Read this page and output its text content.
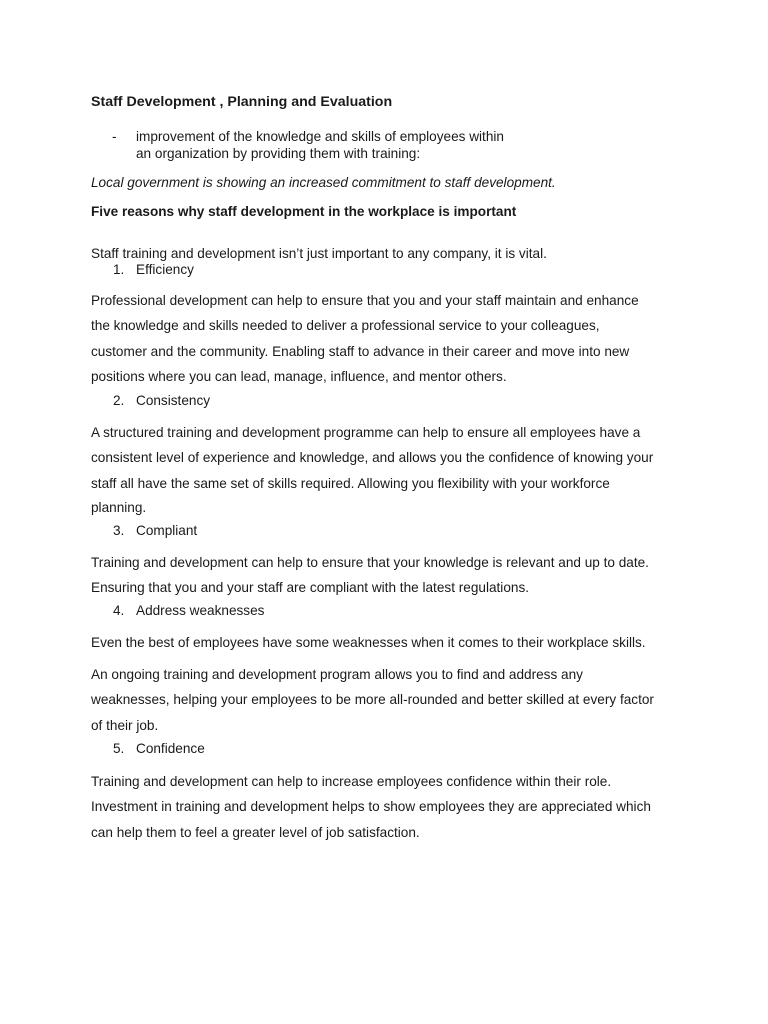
Staff Development , Planning and Evaluation
- improvement of the knowledge and skills of employees within
an organization by providing them with training:
Local government is showing an increased commitment to staff development.
Five reasons why staff development in the workplace is important
Staff training and development isn’t just important to any company, it is vital.
1. Efficiency
Professional development can help to ensure that you and your staff maintain and enhance
the knowledge and skills needed to deliver a professional service to your colleagues,
customer and the community. Enabling staff to advance in their career and move into new
positions where you can lead, manage, influence, and mentor others.
2. Consistency
A structured training and development programme can help to ensure all employees have a
consistent level of experience and knowledge, and allows you the confidence of knowing your
staff all have the same set of skills required. Allowing you flexibility with your workforce
planning.
3. Compliant
Training and development can help to ensure that your knowledge is relevant and up to date.
Ensuring that you and your staff are compliant with the latest regulations.
4. Address weaknesses
Even the best of employees have some weaknesses when it comes to their workplace skills.
An ongoing training and development program allows you to find and address any
weaknesses, helping your employees to be more all-rounded and better skilled at every factor
of their job.
5. Confidence
Training and development can help to increase employees confidence within their role.
Investment in training and development helps to show employees they are appreciated which
can help them to feel a greater level of job satisfaction.
